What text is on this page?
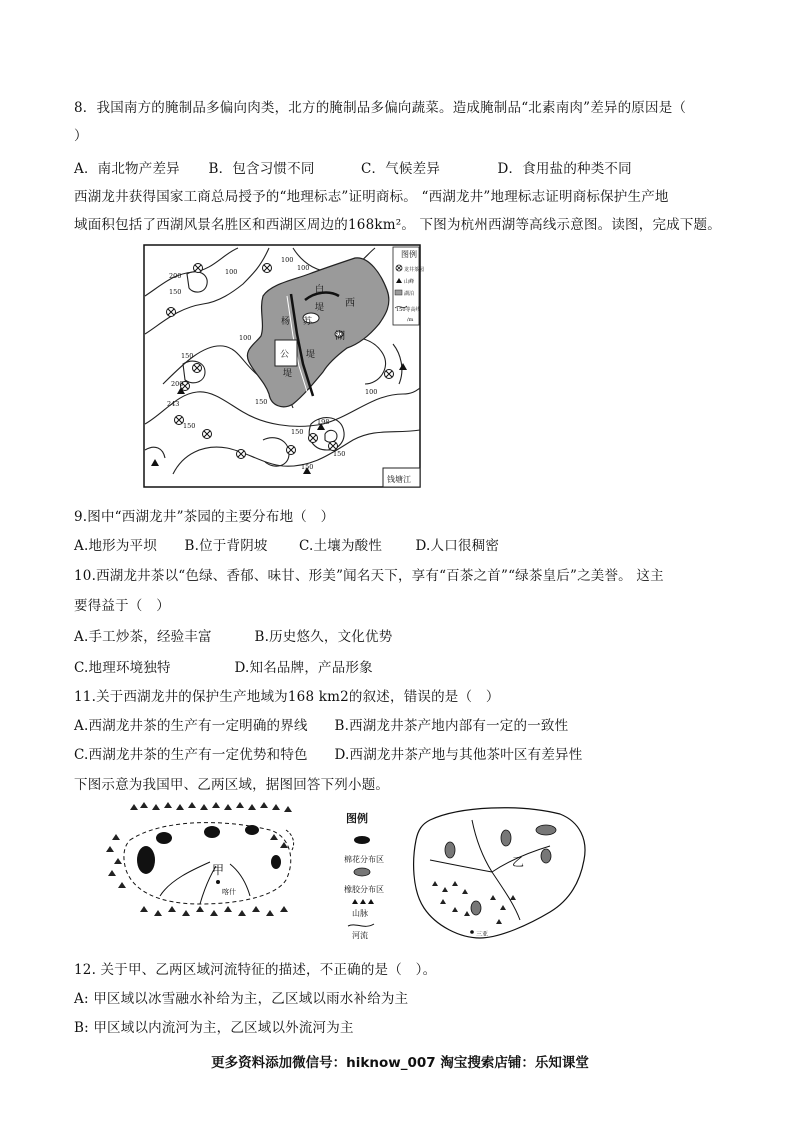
8．我国南方的腌制品多偏向肉类，北方的腌制品多偏向蔬菜。造成腌制品“北素南肉”差异的原因是（
）
A．南北物产差异 B．包含习惯不同	C．气候差异	D．食用盐的种类不同
西湖龙井获得国家工商总局授予的“地理标志”证明商标。 “西湖龙井”地理标志证明商标保护生产地
域面积包括了西湖风景名胜区和西湖区周边的168km²。 下图为杭州西湖等高线示意图。读图，完成下题。
图例
龙井茶园
山峰
湖泊
150等高线
/m
西
湖
白
堤
杨 苏
公 堤
堤
钱塘江
100
200
150
100	100
100
150
200
243	150
100
150	198
150
150
150
9.图中“西湖龙井”茶园的主要分布地（　）
A.地形为平坝 B.位于背阴坡 C.土壤为酸性 D.人口很稠密
10.西湖龙井茶以“色绿、香郁、味甘、形美”闻名天下，享有“百茶之首”“绿茶皇后”之美誉。 这主
要得益于（　）
A.手工炒茶，经验丰富	B.历史悠久，文化优势
C.地理环境独特	D.知名品牌，产品形象
11.关于西湖龙井的保护生产地域为168 km2的叙述，错误的是（　）
A.西湖龙井茶的生产有一定明确的界线 B.西湖龙井茶产地内部有一定的一致性
C.西湖龙井茶的生产有一定优势和特色 D.西湖龙井茶产地与其他茶叶区有差异性
下图示意为我国甲、乙两区域，据图回答下列小题。
甲
喀什
图例
棉花分布区
橡胶分布区
山脉
河流
乙
三亚
12. 关于甲、乙两区域河流特征的描述，不正确的是（　）。
A: 甲区域以冰雪融水补给为主，乙区域以雨水补给为主
B: 甲区域以内流河为主，乙区域以外流河为主
更多资料添加微信号：hiknow_007 淘宝搜索店铺：乐知课堂
